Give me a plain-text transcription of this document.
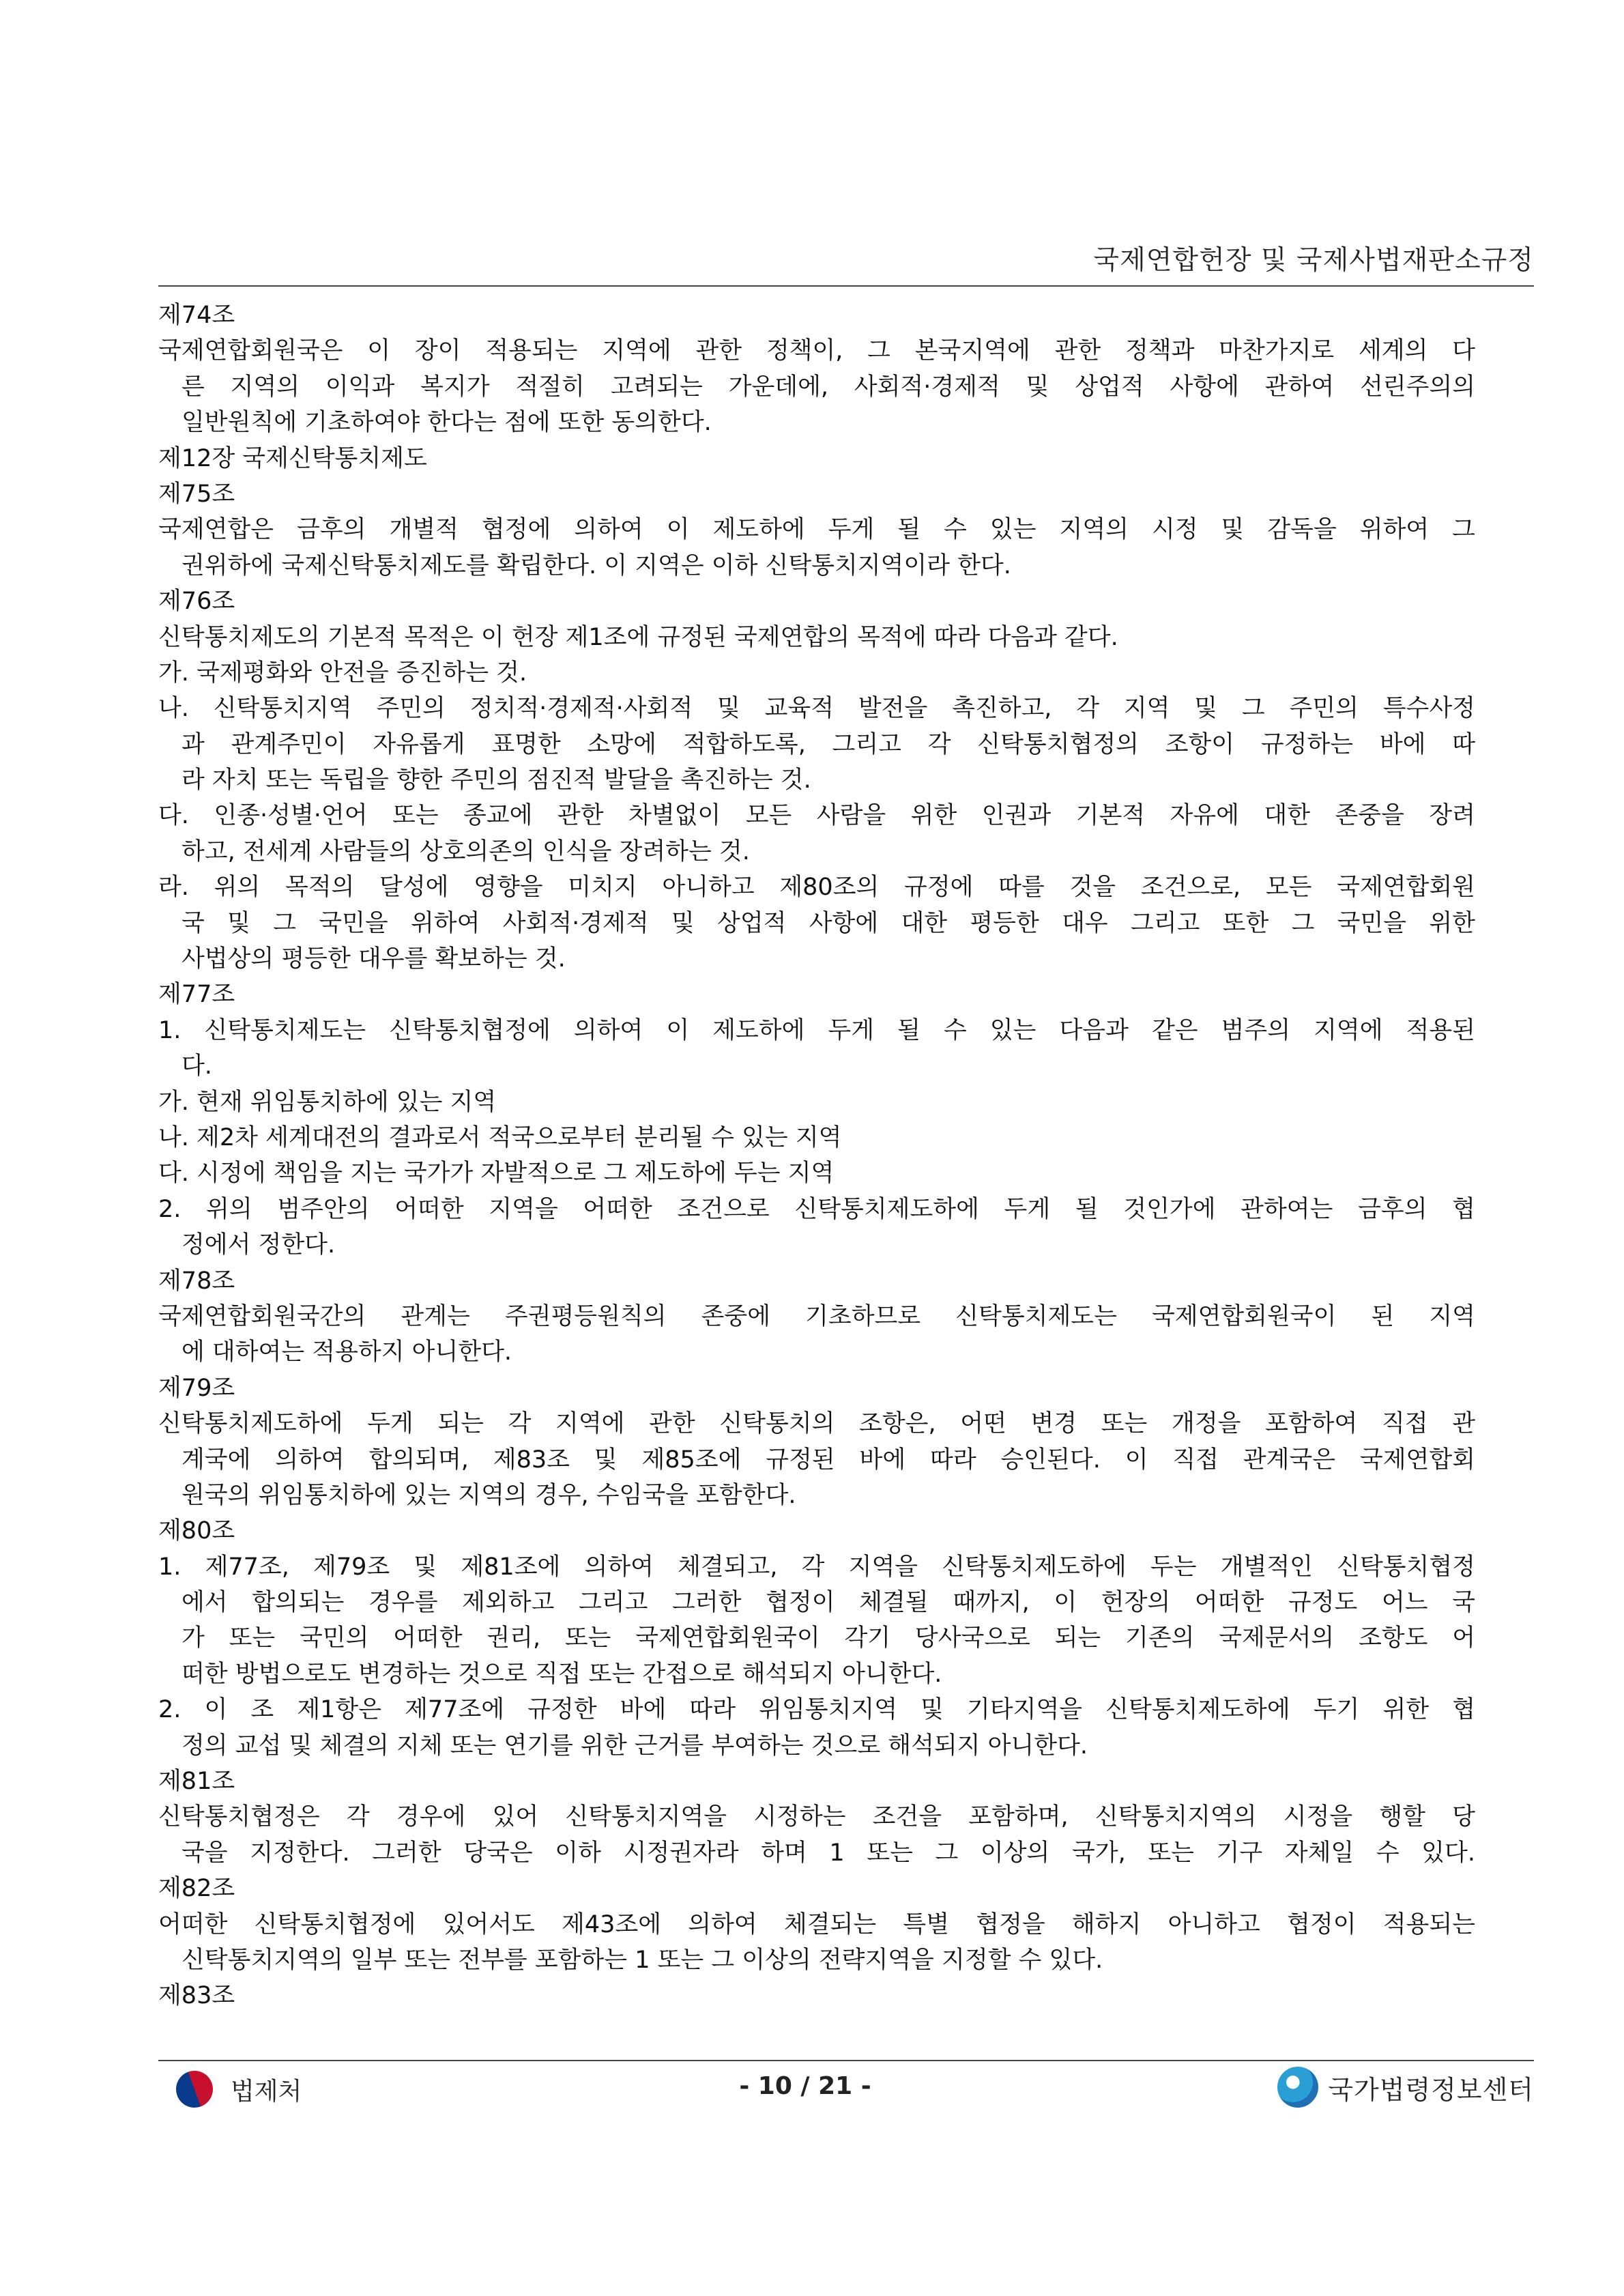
국제연합헌장 및 국제사법재판소규정
제74조
국제연합회원국은 이 장이 적용되는 지역에 관한 정책이, 그 본국지역에 관한 정책과 마찬가지로 세계의 다
른 지역의 이익과 복지가 적절히 고려되는 가운데에, 사회적·경제적 및 상업적 사항에 관하여 선린주의의
일반원칙에 기초하여야 한다는 점에 또한 동의한다.
제12장 국제신탁통치제도
제75조
국제연합은 금후의 개별적 협정에 의하여 이 제도하에 두게 될 수 있는 지역의 시정 및 감독을 위하여 그
권위하에 국제신탁통치제도를 확립한다. 이 지역은 이하 신탁통치지역이라 한다.
제76조
신탁통치제도의 기본적 목적은 이 헌장 제1조에 규정된 국제연합의 목적에 따라 다음과 같다.
가. 국제평화와 안전을 증진하는 것.
나. 신탁통치지역 주민의 정치적·경제적·사회적 및 교육적 발전을 촉진하고, 각 지역 및 그 주민의 특수사정
과 관계주민이 자유롭게 표명한 소망에 적합하도록, 그리고 각 신탁통치협정의 조항이 규정하는 바에 따
라 자치 또는 독립을 향한 주민의 점진적 발달을 촉진하는 것.
다. 인종·성별·언어 또는 종교에 관한 차별없이 모든 사람을 위한 인권과 기본적 자유에 대한 존중을 장려
하고, 전세계 사람들의 상호의존의 인식을 장려하는 것.
라. 위의 목적의 달성에 영향을 미치지 아니하고 제80조의 규정에 따를 것을 조건으로, 모든 국제연합회원
국 및 그 국민을 위하여 사회적·경제적 및 상업적 사항에 대한 평등한 대우 그리고 또한 그 국민을 위한
사법상의 평등한 대우를 확보하는 것.
제77조
1. 신탁통치제도는 신탁통치협정에 의하여 이 제도하에 두게 될 수 있는 다음과 같은 범주의 지역에 적용된
다.
가. 현재 위임통치하에 있는 지역
나. 제2차 세계대전의 결과로서 적국으로부터 분리될 수 있는 지역
다. 시정에 책임을 지는 국가가 자발적으로 그 제도하에 두는 지역
2. 위의 범주안의 어떠한 지역을 어떠한 조건으로 신탁통치제도하에 두게 될 것인가에 관하여는 금후의 협
정에서 정한다.
제78조
국제연합회원국간의 관계는 주권평등원칙의 존중에 기초하므로 신탁통치제도는 국제연합회원국이 된 지역
에 대하여는 적용하지 아니한다.
제79조
신탁통치제도하에 두게 되는 각 지역에 관한 신탁통치의 조항은, 어떤 변경 또는 개정을 포함하여 직접 관
계국에 의하여 합의되며, 제83조 및 제85조에 규정된 바에 따라 승인된다. 이 직접 관계국은 국제연합회
원국의 위임통치하에 있는 지역의 경우, 수임국을 포함한다.
제80조
1. 제77조, 제79조 및 제81조에 의하여 체결되고, 각 지역을 신탁통치제도하에 두는 개별적인 신탁통치협정
에서 합의되는 경우를 제외하고 그리고 그러한 협정이 체결될 때까지, 이 헌장의 어떠한 규정도 어느 국
가 또는 국민의 어떠한 권리, 또는 국제연합회원국이 각기 당사국으로 되는 기존의 국제문서의 조항도 어
떠한 방법으로도 변경하는 것으로 직접 또는 간접으로 해석되지 아니한다.
2. 이 조 제1항은 제77조에 규정한 바에 따라 위임통치지역 및 기타지역을 신탁통치제도하에 두기 위한 협
정의 교섭 및 체결의 지체 또는 연기를 위한 근거를 부여하는 것으로 해석되지 아니한다.
제81조
신탁통치협정은 각 경우에 있어 신탁통치지역을 시정하는 조건을 포함하며, 신탁통치지역의 시정을 행할 당
국을 지정한다. 그러한 당국은 이하 시정권자라 하며 1 또는 그 이상의 국가, 또는 기구 자체일 수 있다.
제82조
어떠한 신탁통치협정에 있어서도 제43조에 의하여 체결되는 특별 협정을 해하지 아니하고 협정이 적용되는
신탁통치지역의 일부 또는 전부를 포함하는 1 또는 그 이상의 전략지역을 지정할 수 있다.
제83조
법제처	- 10 / 21 -	국가법령정보센터
